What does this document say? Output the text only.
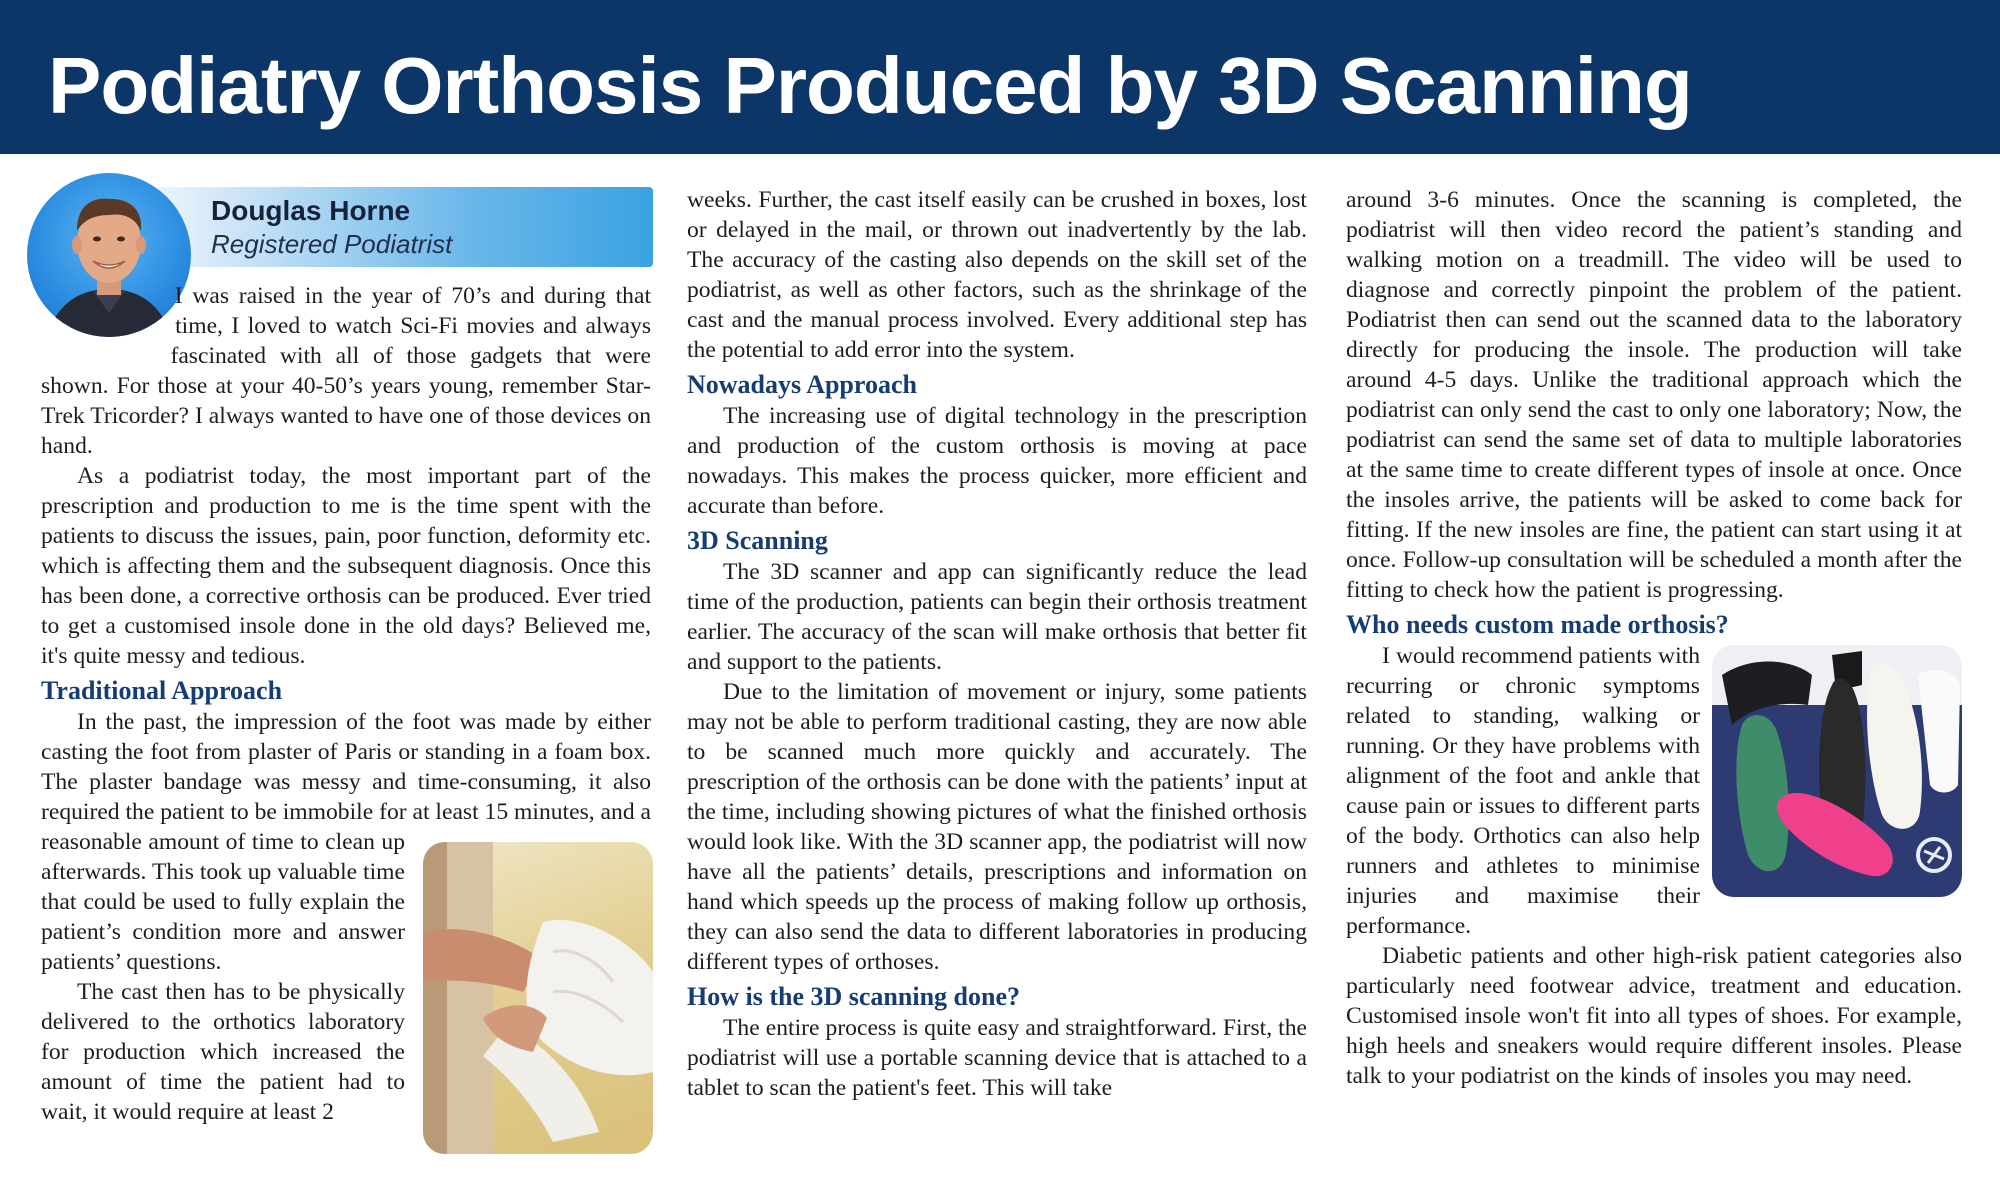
Podiatry Orthosis Produced by 3D Scanning
Douglas Horne
Registered Podiatrist

I was raised in the year of 70’s and during that time, I loved to watch Sci-Fi movies and always fascinated with all of those gadgets that were shown. For those at your 40-50’s years young, remember Star-Trek Tricorder? I always wanted to have one of those devices on hand.

As a podiatrist today, the most important part of the prescription and production to me is the time spent with the patients to discuss the issues, pain, poor function, deformity etc. which is affecting them and the subsequent diagnosis. Once this has been done, a corrective orthosis can be produced. Ever tried to get a customised insole done in the old days? Believed me, it's quite messy and tedious.

Traditional Approach

In the past, the impression of the foot was made by either casting the foot from plaster of Paris or standing in a foam box. The plaster bandage was messy and time-consuming, it also required the patient to be immobile for at least 15 minutes, and a reasonable amount of time to clean up afterwards. This took up valuable time that could be used to fully explain the patient’s condition more and answer patients’ questions.

The cast then has to be physically delivered to the orthotics laboratory for production which increased the amount of time the patient had to wait, it would require at least 2

weeks. Further, the cast itself easily can be crushed in boxes, lost or delayed in the mail, or thrown out inadvertently by the lab. The accuracy of the casting also depends on the skill set of the podiatrist, as well as other factors, such as the shrinkage of the cast and the manual process involved. Every additional step has the potential to add error into the system.

Nowadays Approach

The increasing use of digital technology in the prescription and production of the custom orthosis is moving at pace nowadays. This makes the process quicker, more efficient and accurate than before.

3D Scanning

The 3D scanner and app can significantly reduce the lead time of the production, patients can begin their orthosis treatment earlier. The accuracy of the scan will make orthosis that better fit and support to the patients.

Due to the limitation of movement or injury, some patients may not be able to perform traditional casting, they are now able to be scanned much more quickly and accurately. The prescription of the orthosis can be done with the patients’ input at the time, including showing pictures of what the finished orthosis would look like. With the 3D scanner app, the podiatrist will now have all the patients’ details, prescriptions and information on hand which speeds up the process of making follow up orthosis, they can also send the data to different laboratories in producing different types of orthoses.

How is the 3D scanning done?

The entire process is quite easy and straightforward. First, the podiatrist will use a portable scanning device that is attached to a tablet to scan the patient's feet. This will take

around 3-6 minutes. Once the scanning is completed, the podiatrist will then video record the patient’s standing and walking motion on a treadmill. The video will be used to diagnose and correctly pinpoint the problem of the patient. Podiatrist then can send out the scanned data to the laboratory directly for producing the insole. The production will take around 4-5 days. Unlike the traditional approach which the podiatrist can only send the cast to only one laboratory; Now, the podiatrist can send the same set of data to multiple laboratories at the same time to create different types of insole at once. Once the insoles arrive, the patients will be asked to come back for fitting. If the new insoles are fine, the patient can start using it at once. Follow-up consultation will be scheduled a month after the fitting to check how the patient is progressing.

Who needs custom made orthosis?

I would recommend patients with recurring or chronic symptoms related to standing, walking or running. Or they have problems with alignment of the foot and ankle that cause pain or issues to different parts of the body. Orthotics can also help runners and athletes to minimise injuries and maximise their performance.

Diabetic patients and other high-risk patient categories also particularly need footwear advice, treatment and education. Customised insole won't fit into all types of shoes. For example, high heels and sneakers would require different insoles. Please talk to your podiatrist on the kinds of insoles you may need.
